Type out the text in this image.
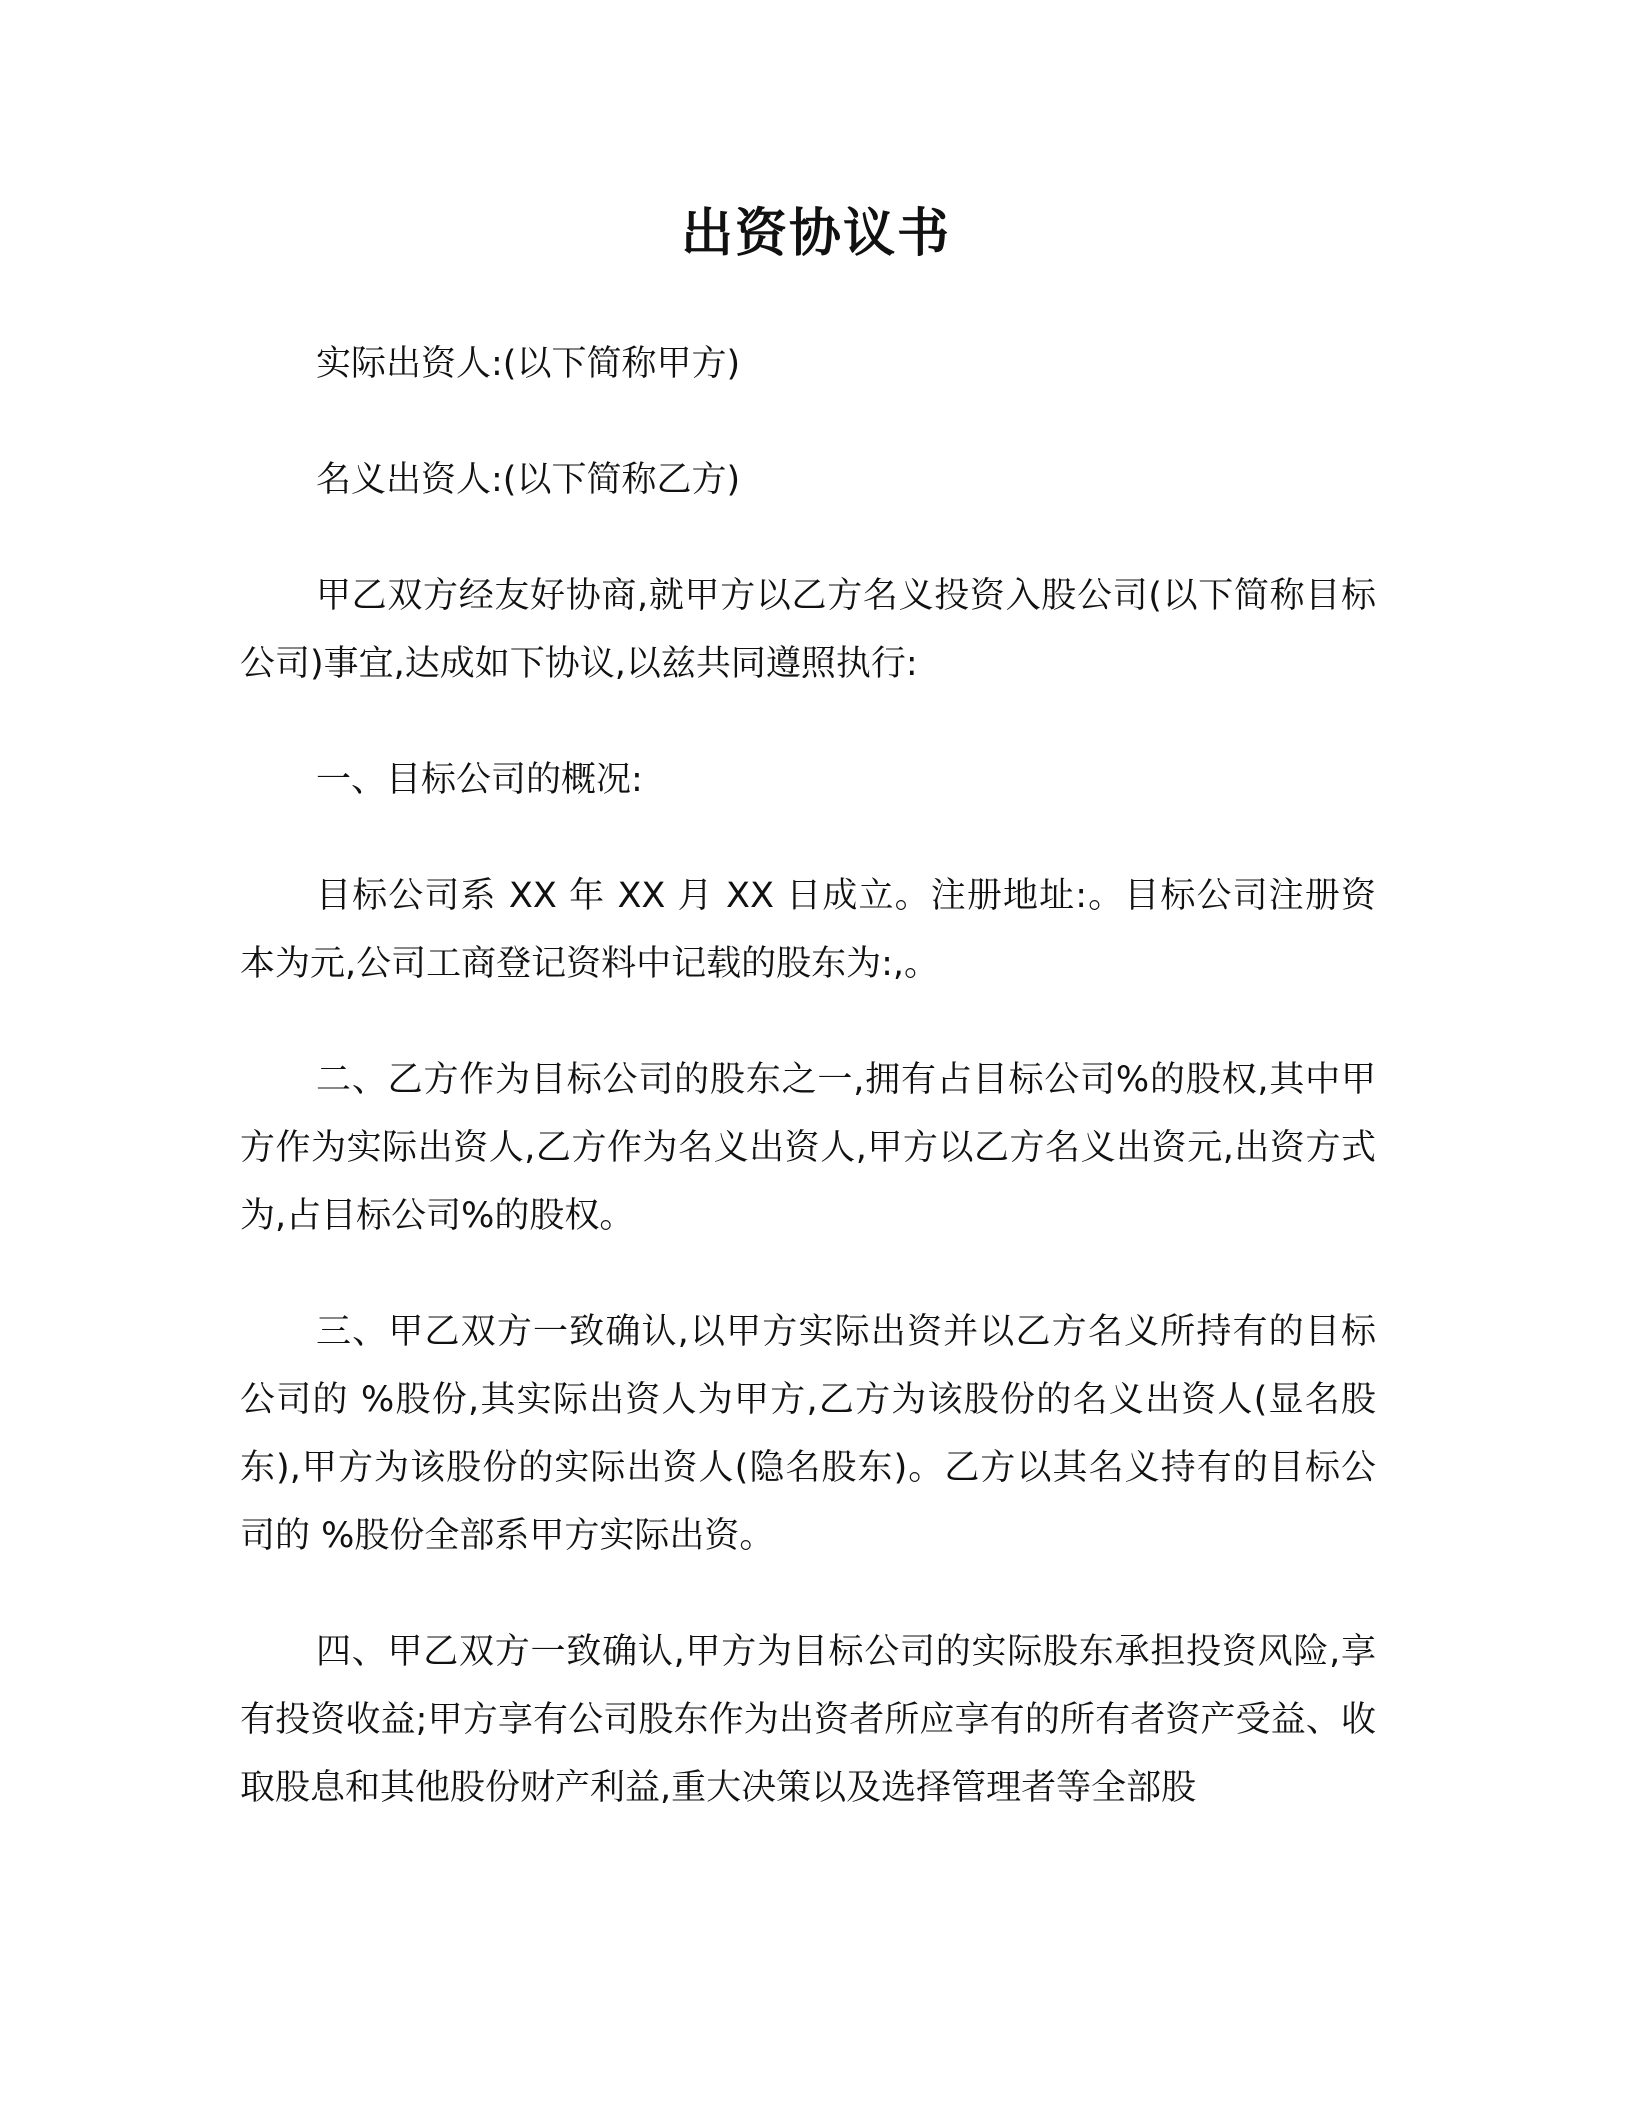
出资协议书

实际出资人:(以下简称甲方)

名义出资人:(以下简称乙方)

甲乙双方经友好协商,就甲方以乙方名义投资入股公司(以下简称目标公司)事宜,达成如下协议,以兹共同遵照执行:

一、目标公司的概况:

目标公司系 XX 年 XX 月 XX 日成立。注册地址:。目标公司注册资本为元,公司工商登记资料中记载的股东为:,。

二、乙方作为目标公司的股东之一,拥有占目标公司%的股权,其中甲方作为实际出资人,乙方作为名义出资人,甲方以乙方名义出资元,出资方式为,占目标公司%的股权。

三、甲乙双方一致确认,以甲方实际出资并以乙方名义所持有的目标公司的 %股份,其实际出资人为甲方,乙方为该股份的名义出资人(显名股东),甲方为该股份的实际出资人(隐名股东)。乙方以其名义持有的目标公司的 %股份全部系甲方实际出资。

四、甲乙双方一致确认,甲方为目标公司的实际股东承担投资风险,享有投资收益;甲方享有公司股东作为出资者所应享有的所有者资产受益、收取股息和其他股份财产利益,重大决策以及选择管理者等全部股
